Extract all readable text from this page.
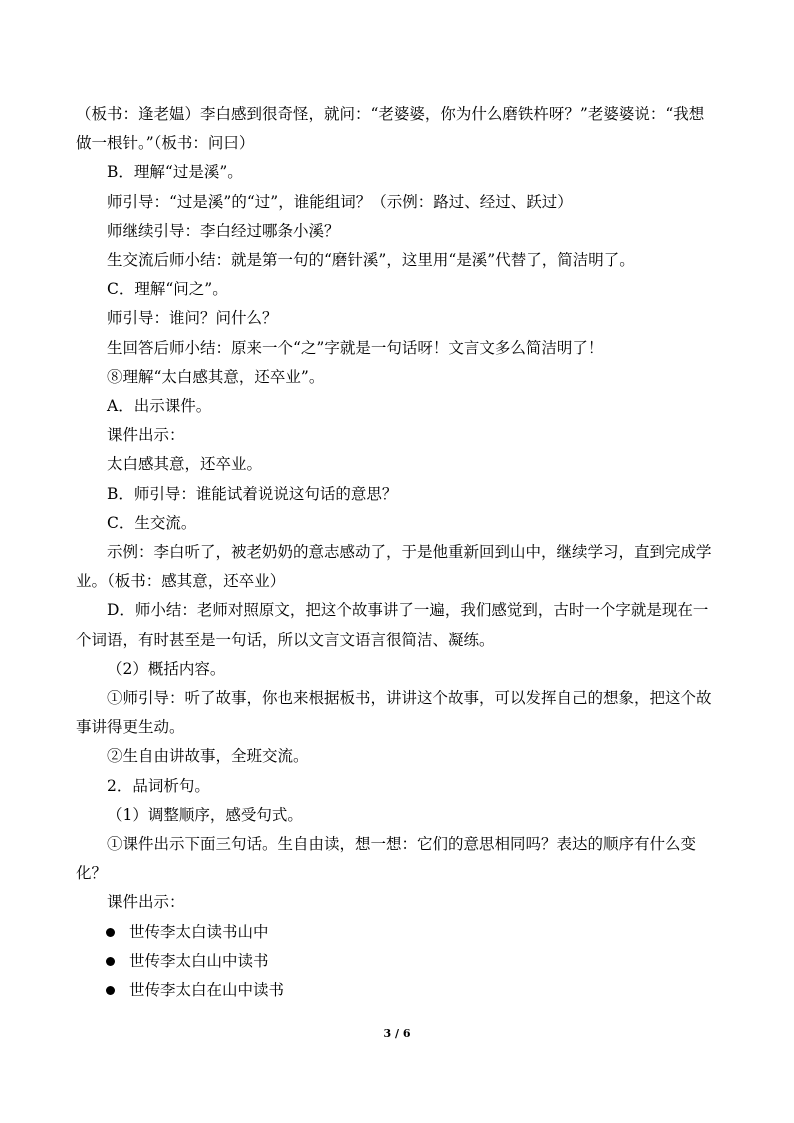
（板书：逢老媪）李白感到很奇怪，就问：“老婆婆，你为什么磨铁杵呀？”老婆婆说：“我想做一根针。”（板书：问曰）

B．理解“过是溪”。

师引导：“过是溪”的“过”，谁能组词？（示例：路过、经过、跃过）

师继续引导：李白经过哪条小溪？

生交流后师小结：就是第一句的“磨针溪”，这里用“是溪”代替了，简洁明了。

C．理解“问之”。

师引导：谁问？问什么？

生回答后师小结：原来一个“之”字就是一句话呀！文言文多么简洁明了！

⑧理解“太白感其意，还卒业”。

A．出示课件。

课件出示：

太白感其意，还卒业。

B．师引导：谁能试着说说这句话的意思？

C．生交流。

示例：李白听了，被老奶奶的意志感动了，于是他重新回到山中，继续学习，直到完成学业。（板书：感其意，还卒业）

D．师小结：老师对照原文，把这个故事讲了一遍，我们感觉到，古时一个字就是现在一个词语，有时甚至是一句话，所以文言文语言很简洁、凝练。

（2）概括内容。

①师引导：听了故事，你也来根据板书，讲讲这个故事，可以发挥自己的想象，把这个故事讲得更生动。

②生自由讲故事，全班交流。

2．品词析句。

（1）调整顺序，感受句式。

①课件出示下面三句话。生自由读，想一想：它们的意思相同吗？表达的顺序有什么变化？

课件出示：

世传李太白读书山中
世传李太白山中读书
世传李太白在山中读书
3 / 6
